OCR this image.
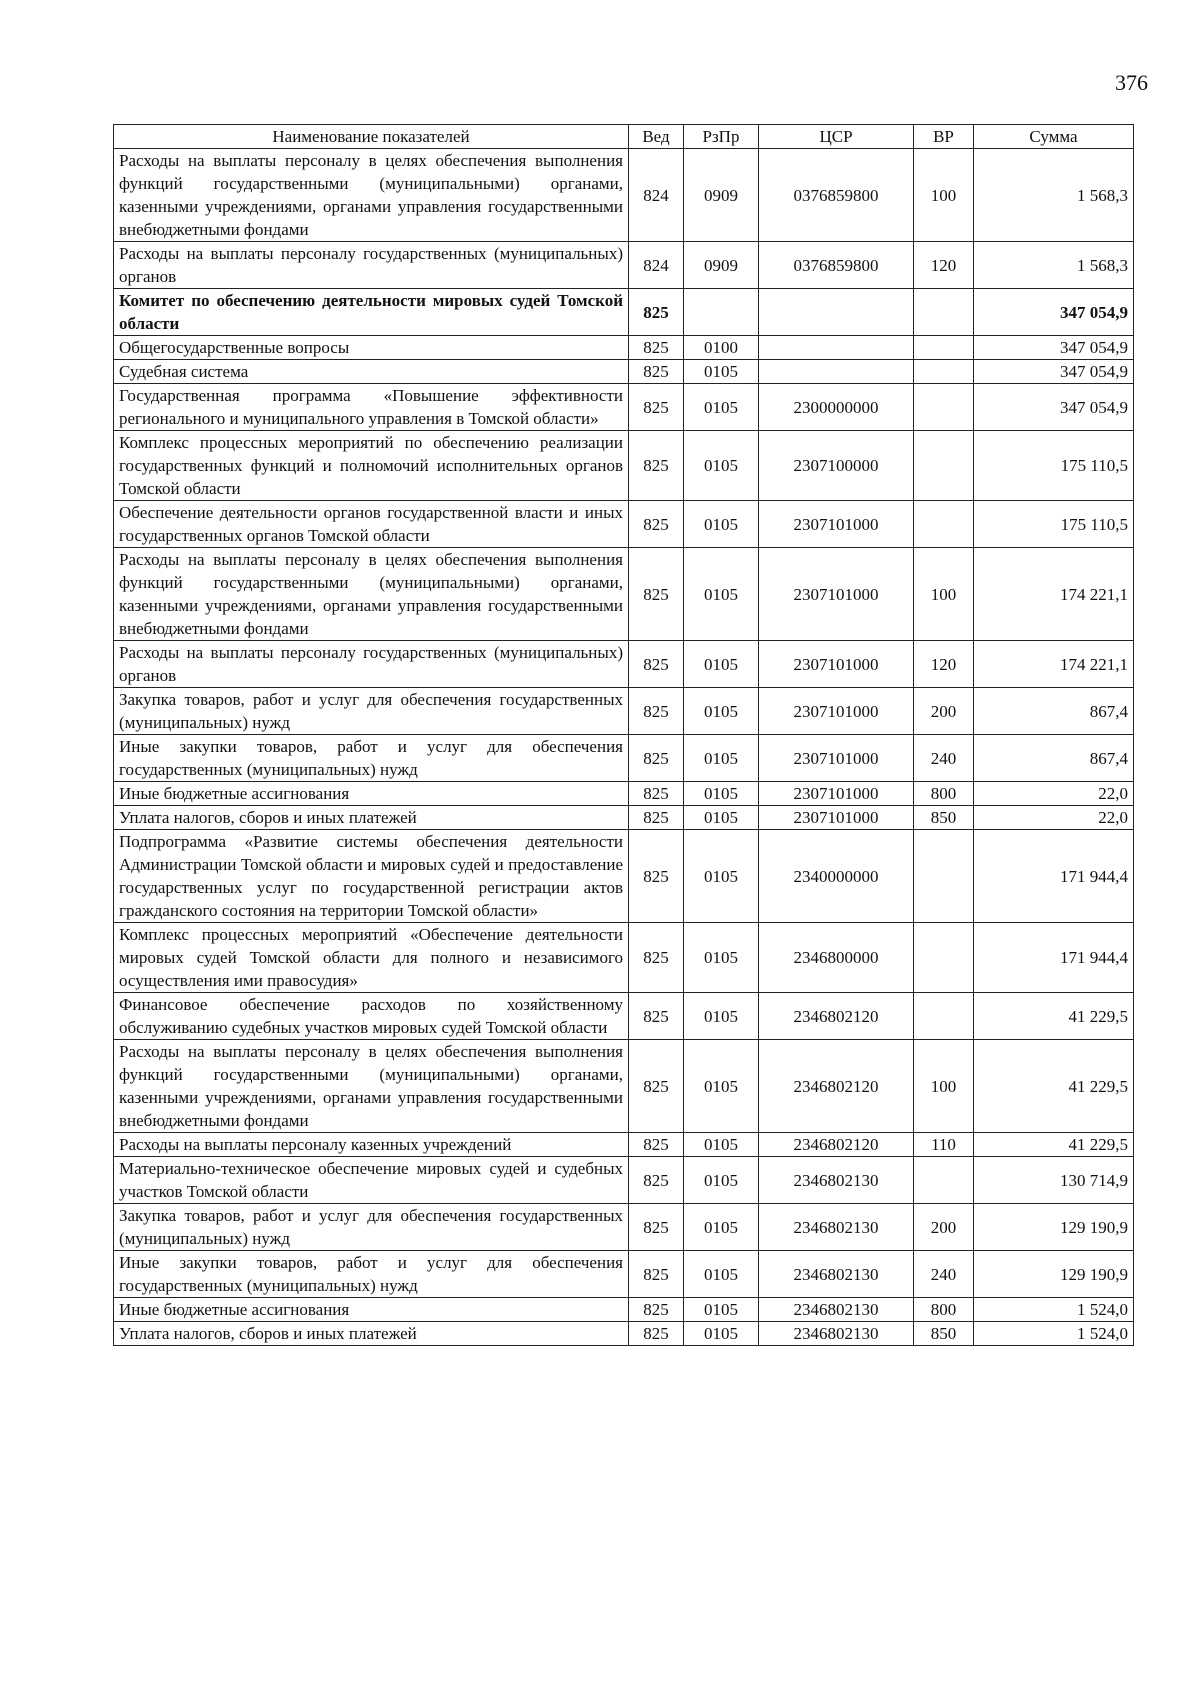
376
Наименование показателей	Вед	РзПр	ЦСР	ВР	Сумма
Расходы на выплаты персоналу в целях обеспечения выполнения функций государственными (муниципальными) органами, казенными учреждениями, органами управления государственными внебюджетными фондами	824	0909	0376859800	100	1 568,3
Расходы на выплаты персоналу государственных (муниципальных) органов	824	0909	0376859800	120	1 568,3
Комитет по обеспечению деятельности мировых судей Томской области	825				347 054,9
Общегосударственные вопросы	825	0100			347 054,9
Судебная система	825	0105			347 054,9
Государственная программа «Повышение эффективности регионального и муниципального управления в Томской области»	825	0105	2300000000		347 054,9
Комплекс процессных мероприятий по обеспечению реализации государственных функций и полномочий исполнительных органов Томской области	825	0105	2307100000		175 110,5
Обеспечение деятельности органов государственной власти и иных государственных органов Томской области	825	0105	2307101000		175 110,5
Расходы на выплаты персоналу в целях обеспечения выполнения функций государственными (муниципальными) органами, казенными учреждениями, органами управления государственными внебюджетными фондами	825	0105	2307101000	100	174 221,1
Расходы на выплаты персоналу государственных (муниципальных) органов	825	0105	2307101000	120	174 221,1
Закупка товаров, работ и услуг для обеспечения государственных (муниципальных) нужд	825	0105	2307101000	200	867,4
Иные закупки товаров, работ и услуг для обеспечения государственных (муниципальных) нужд	825	0105	2307101000	240	867,4
Иные бюджетные ассигнования	825	0105	2307101000	800	22,0
Уплата налогов, сборов и иных платежей	825	0105	2307101000	850	22,0
Подпрограмма «Развитие системы обеспечения деятельности Администрации Томской области и мировых судей и предоставление государственных услуг по государственной регистрации актов гражданского состояния на территории Томской области»	825	0105	2340000000		171 944,4
Комплекс процессных мероприятий «Обеспечение деятельности мировых судей Томской области для полного и независимого осуществления ими правосудия»	825	0105	2346800000		171 944,4
Финансовое обеспечение расходов по хозяйственному обслуживанию судебных участков мировых судей Томской области	825	0105	2346802120		41 229,5
Расходы на выплаты персоналу в целях обеспечения выполнения функций государственными (муниципальными) органами, казенными учреждениями, органами управления государственными внебюджетными фондами	825	0105	2346802120	100	41 229,5
Расходы на выплаты персоналу казенных учреждений	825	0105	2346802120	110	41 229,5
Материально-техническое обеспечение мировых судей и судебных участков Томской области	825	0105	2346802130		130 714,9
Закупка товаров, работ и услуг для обеспечения государственных (муниципальных) нужд	825	0105	2346802130	200	129 190,9
Иные закупки товаров, работ и услуг для обеспечения государственных (муниципальных) нужд	825	0105	2346802130	240	129 190,9
Иные бюджетные ассигнования	825	0105	2346802130	800	1 524,0
Уплата налогов, сборов и иных платежей	825	0105	2346802130	850	1 524,0
